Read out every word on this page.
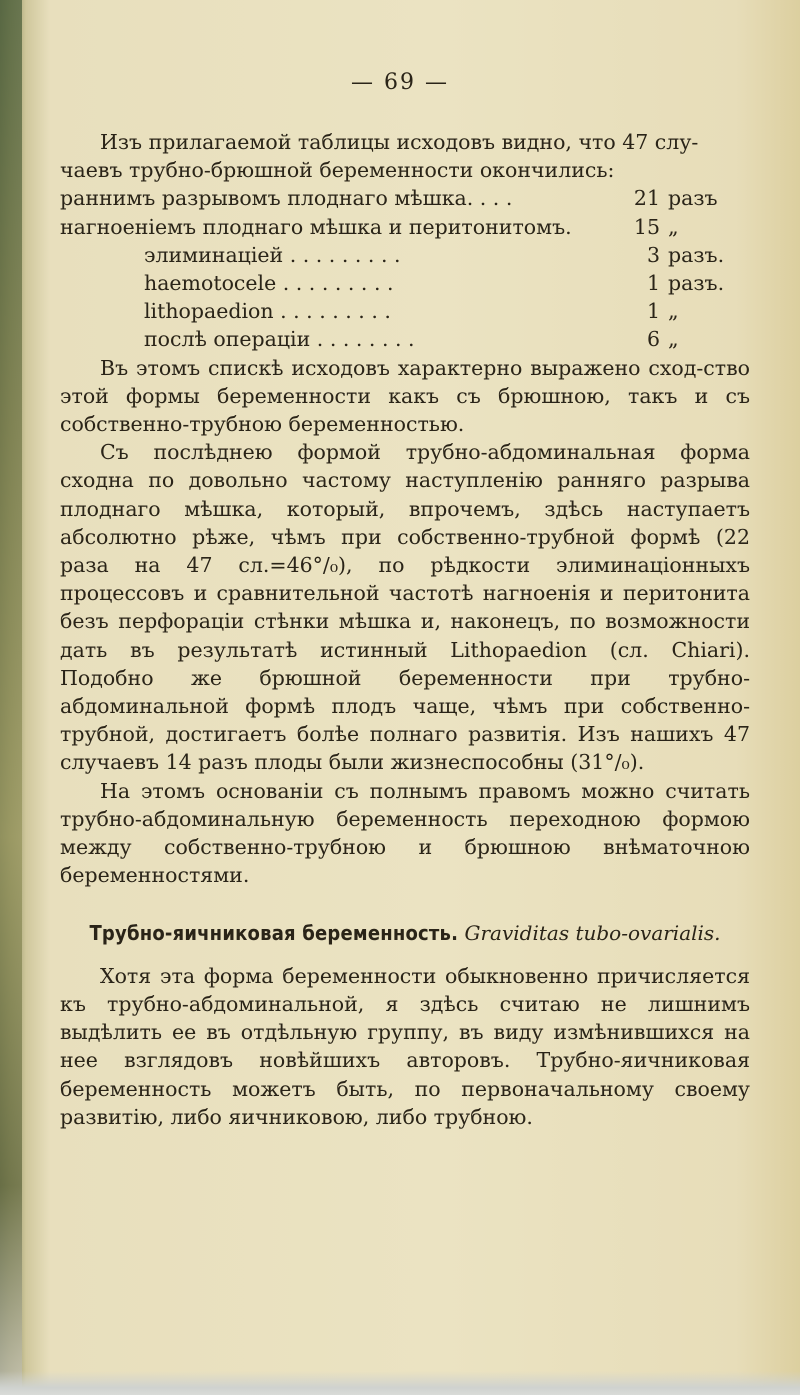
— 69 —

Изъ прилагаемой таблицы исходовъ видно, что 47 слу-

чаевъ трубно-брюшной беременности окончились:

раннимъ разрывомъ плоднаго мѣшка. . . .	21 разъ
нагноеніемъ плоднаго мѣшка и перитонитомъ.	15 „
элиминаціей . . . . . . . . .	3 разъ.
haemotocele . . . . . . . . .	1 разъ.
lithopaedion . . . . . . . . .	1 „
послѣ операціи . . . . . . . .	6 „

Въ этомъ спискѣ исходовъ характерно выражено сход-ство этой формы беременности какъ съ брюшною, такъ и съ собственно-трубною беременностью.

Съ послѣднею формой трубно-абдоминальная форма сходна по довольно частому наступленію ранняго разрыва плоднаго мѣшка, который, впрочемъ, здѣсь наступаетъ абсолютно рѣже, чѣмъ при собственно-трубной формѣ (22 раза на 47 сл.=46°/₀), по рѣдкости элиминаціонныхъ процессовъ и сравнительной частотѣ нагноенія и перитонита безъ перфораціи стѣнки мѣшка и, наконецъ, по возможности дать въ результатѣ истинный Lithopaedion (сл. Chiari). Подобно же брюшной беременности при трубно-абдоминальной формѣ плодъ чаще, чѣмъ при собственно-трубной, достигаетъ болѣе полнаго развитія. Изъ нашихъ 47 случаевъ 14 разъ плоды были жизнеспособны (31°/₀).

На этомъ основаніи съ полнымъ правомъ можно считать трубно-абдоминальную беременность переходною формою между собственно-трубною и брюшною внѣматочною беременностями.

Трубно-яичниковая беременность. Graviditas tubo-ovarialis.

Хотя эта форма беременности обыкновенно причисляется къ трубно-абдоминальной, я здѣсь считаю не лишнимъ выдѣлить ее въ отдѣльную группу, въ виду измѣнившихся на нее взглядовъ новѣйшихъ авторовъ. Трубно-яичниковая беременность можетъ быть, по первоначальному своему развитію, либо яичниковою, либо трубною.
